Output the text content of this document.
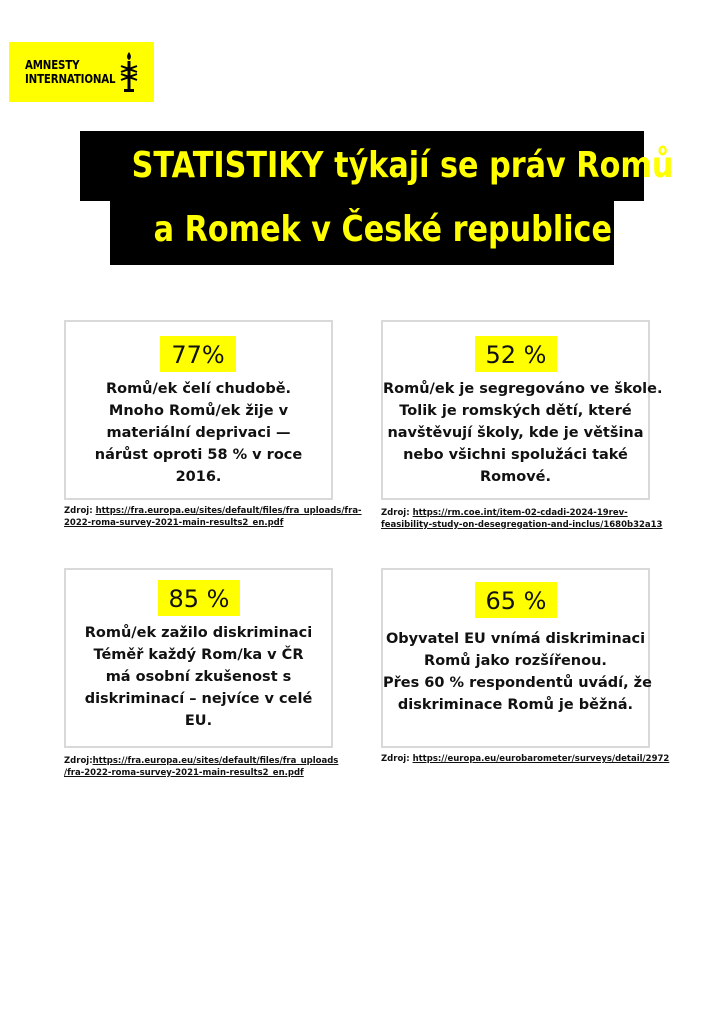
AMNESTY
INTERNATIONAL
STATISTIKY týkají se práv Romů
a Romek v České republice
77%
Romů/ek čelí chudobě.
Mnoho Romů/ek žije v
materiální deprivaci —
nárůst oproti 58 % v roce
2016.
Zdroj: https://fra.europa.eu/sites/default/files/fra_uploads/fra-
2022-roma-survey-2021-main-results2_en.pdf
52 %
Romů/ek je segregováno ve škole.
Tolik je romských dětí, které
navštěvují školy, kde je většina
nebo všichni spolužáci také
Romové.
Zdroj: https://rm.coe.int/item-02-cdadi-2024-19rev-
feasibility-study-on-desegregation-and-inclus/1680b32a13
85 %
Romů/ek zažilo diskriminaci
Téměř každý Rom/ka v ČR
má osobní zkušenost s
diskriminací – nejvíce v celé
EU.
Zdroj:https://fra.europa.eu/sites/default/files/fra_uploads
/fra-2022-roma-survey-2021-main-results2_en.pdf
65 %
Obyvatel EU vnímá diskriminaci
Romů jako rozšířenou.
Přes 60 % respondentů uvádí, že
diskriminace Romů je běžná.
Zdroj: https://europa.eu/eurobarometer/surveys/detail/2972
